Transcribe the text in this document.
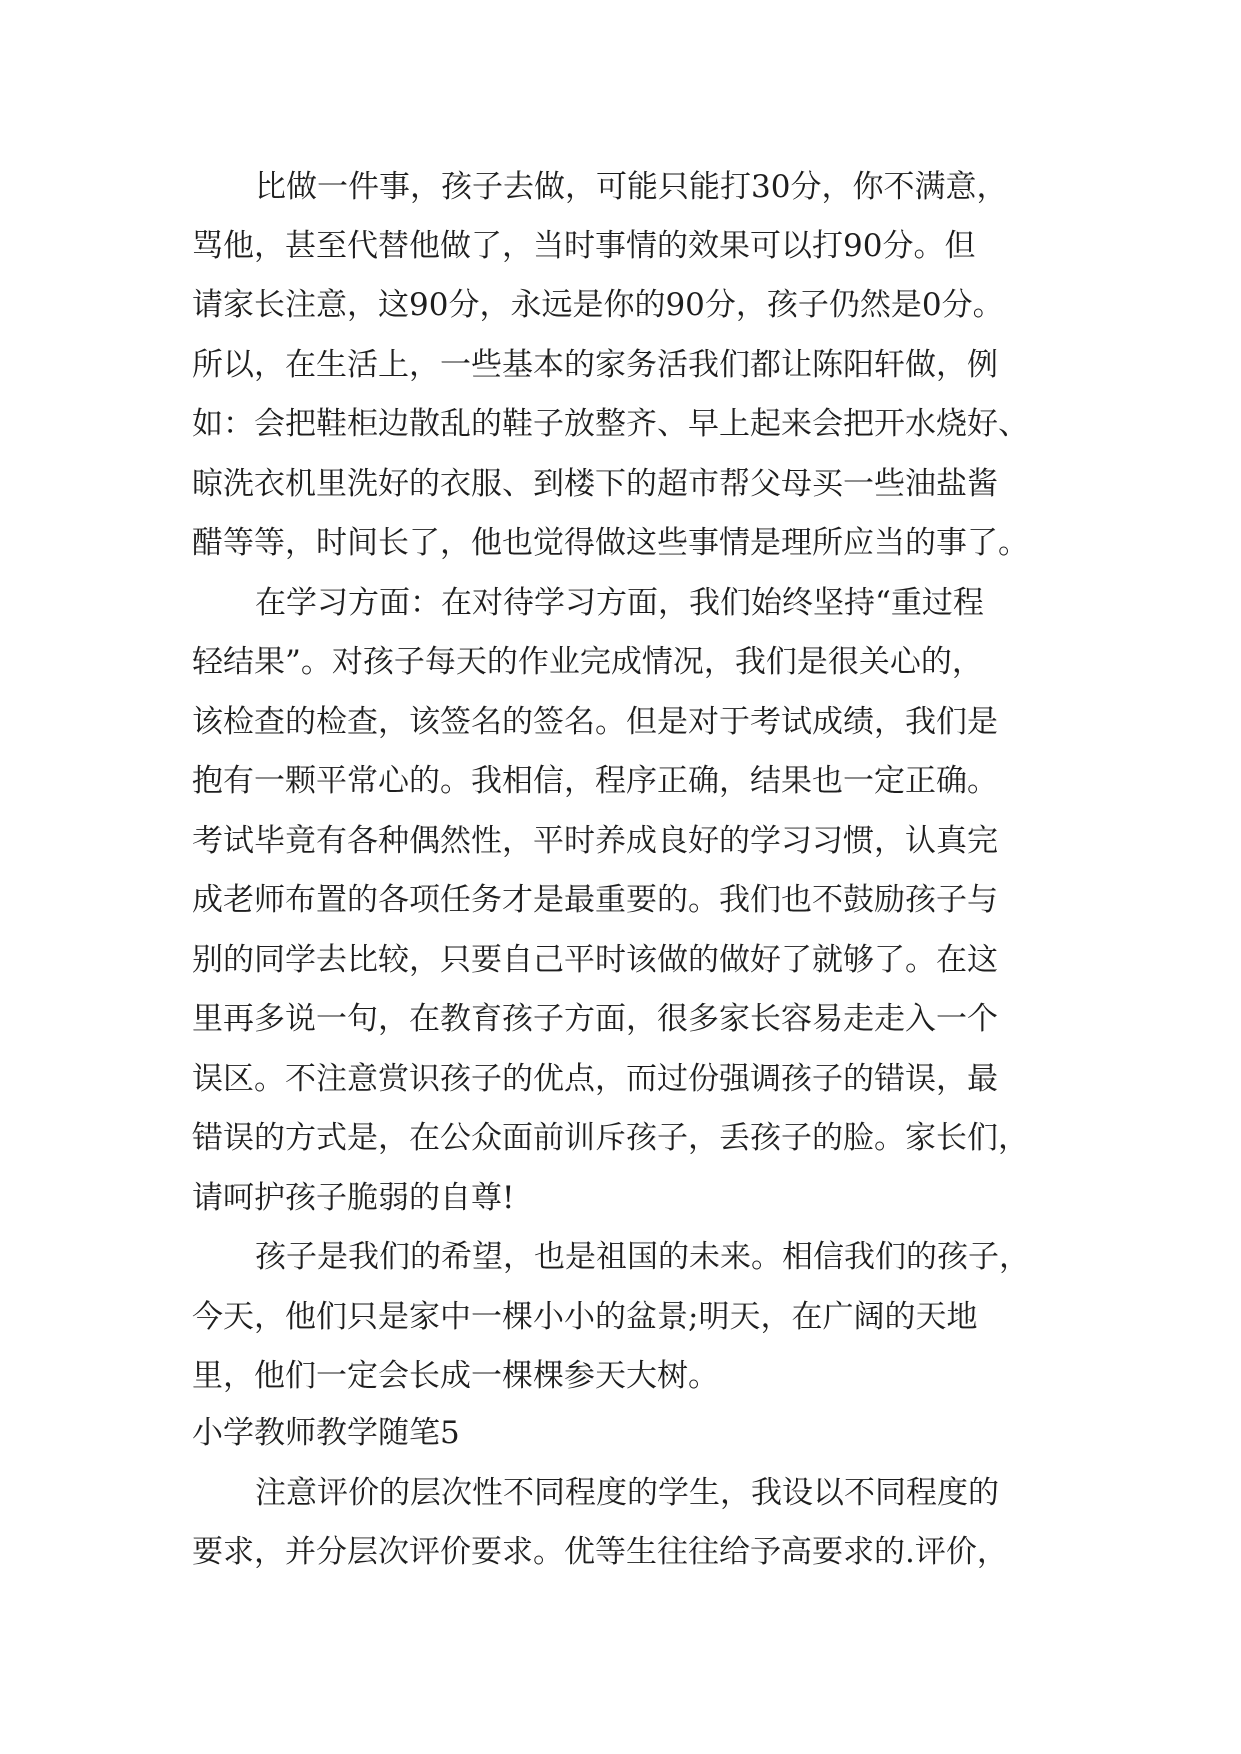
比做一件事，孩子去做，可能只能打30分，你不满意，
骂他，甚至代替他做了，当时事情的效果可以打90分。但
请家长注意，这90分，永远是你的90分，孩子仍然是0分。
所以，在生活上，一些基本的家务活我们都让陈阳轩做，例
如：会把鞋柜边散乱的鞋子放整齐、早上起来会把开水烧好、
晾洗衣机里洗好的衣服、到楼下的超市帮父母买一些油盐酱
醋等等，时间长了，他也觉得做这些事情是理所应当的事了。
在学习方面：在对待学习方面，我们始终坚持“重过程
轻结果”。对孩子每天的作业完成情况，我们是很关心的，
该检查的检查，该签名的签名。但是对于考试成绩，我们是
抱有一颗平常心的。我相信，程序正确，结果也一定正确。
考试毕竟有各种偶然性，平时养成良好的学习习惯，认真完
成老师布置的各项任务才是最重要的。我们也不鼓励孩子与
别的同学去比较，只要自己平时该做的做好了就够了。在这
里再多说一句，在教育孩子方面，很多家长容易走走入一个
误区。不注意赏识孩子的优点，而过份强调孩子的错误，最
错误的方式是，在公众面前训斥孩子，丢孩子的脸。家长们，
请呵护孩子脆弱的自尊!
孩子是我们的希望，也是祖国的未来。相信我们的孩子，
今天，他们只是家中一棵小小的盆景;明天，在广阔的天地
里，他们一定会长成一棵棵参天大树。
小学教师教学随笔5
注意评价的层次性不同程度的学生，我设以不同程度的
要求，并分层次评价要求。优等生往往给予高要求的.评价，
